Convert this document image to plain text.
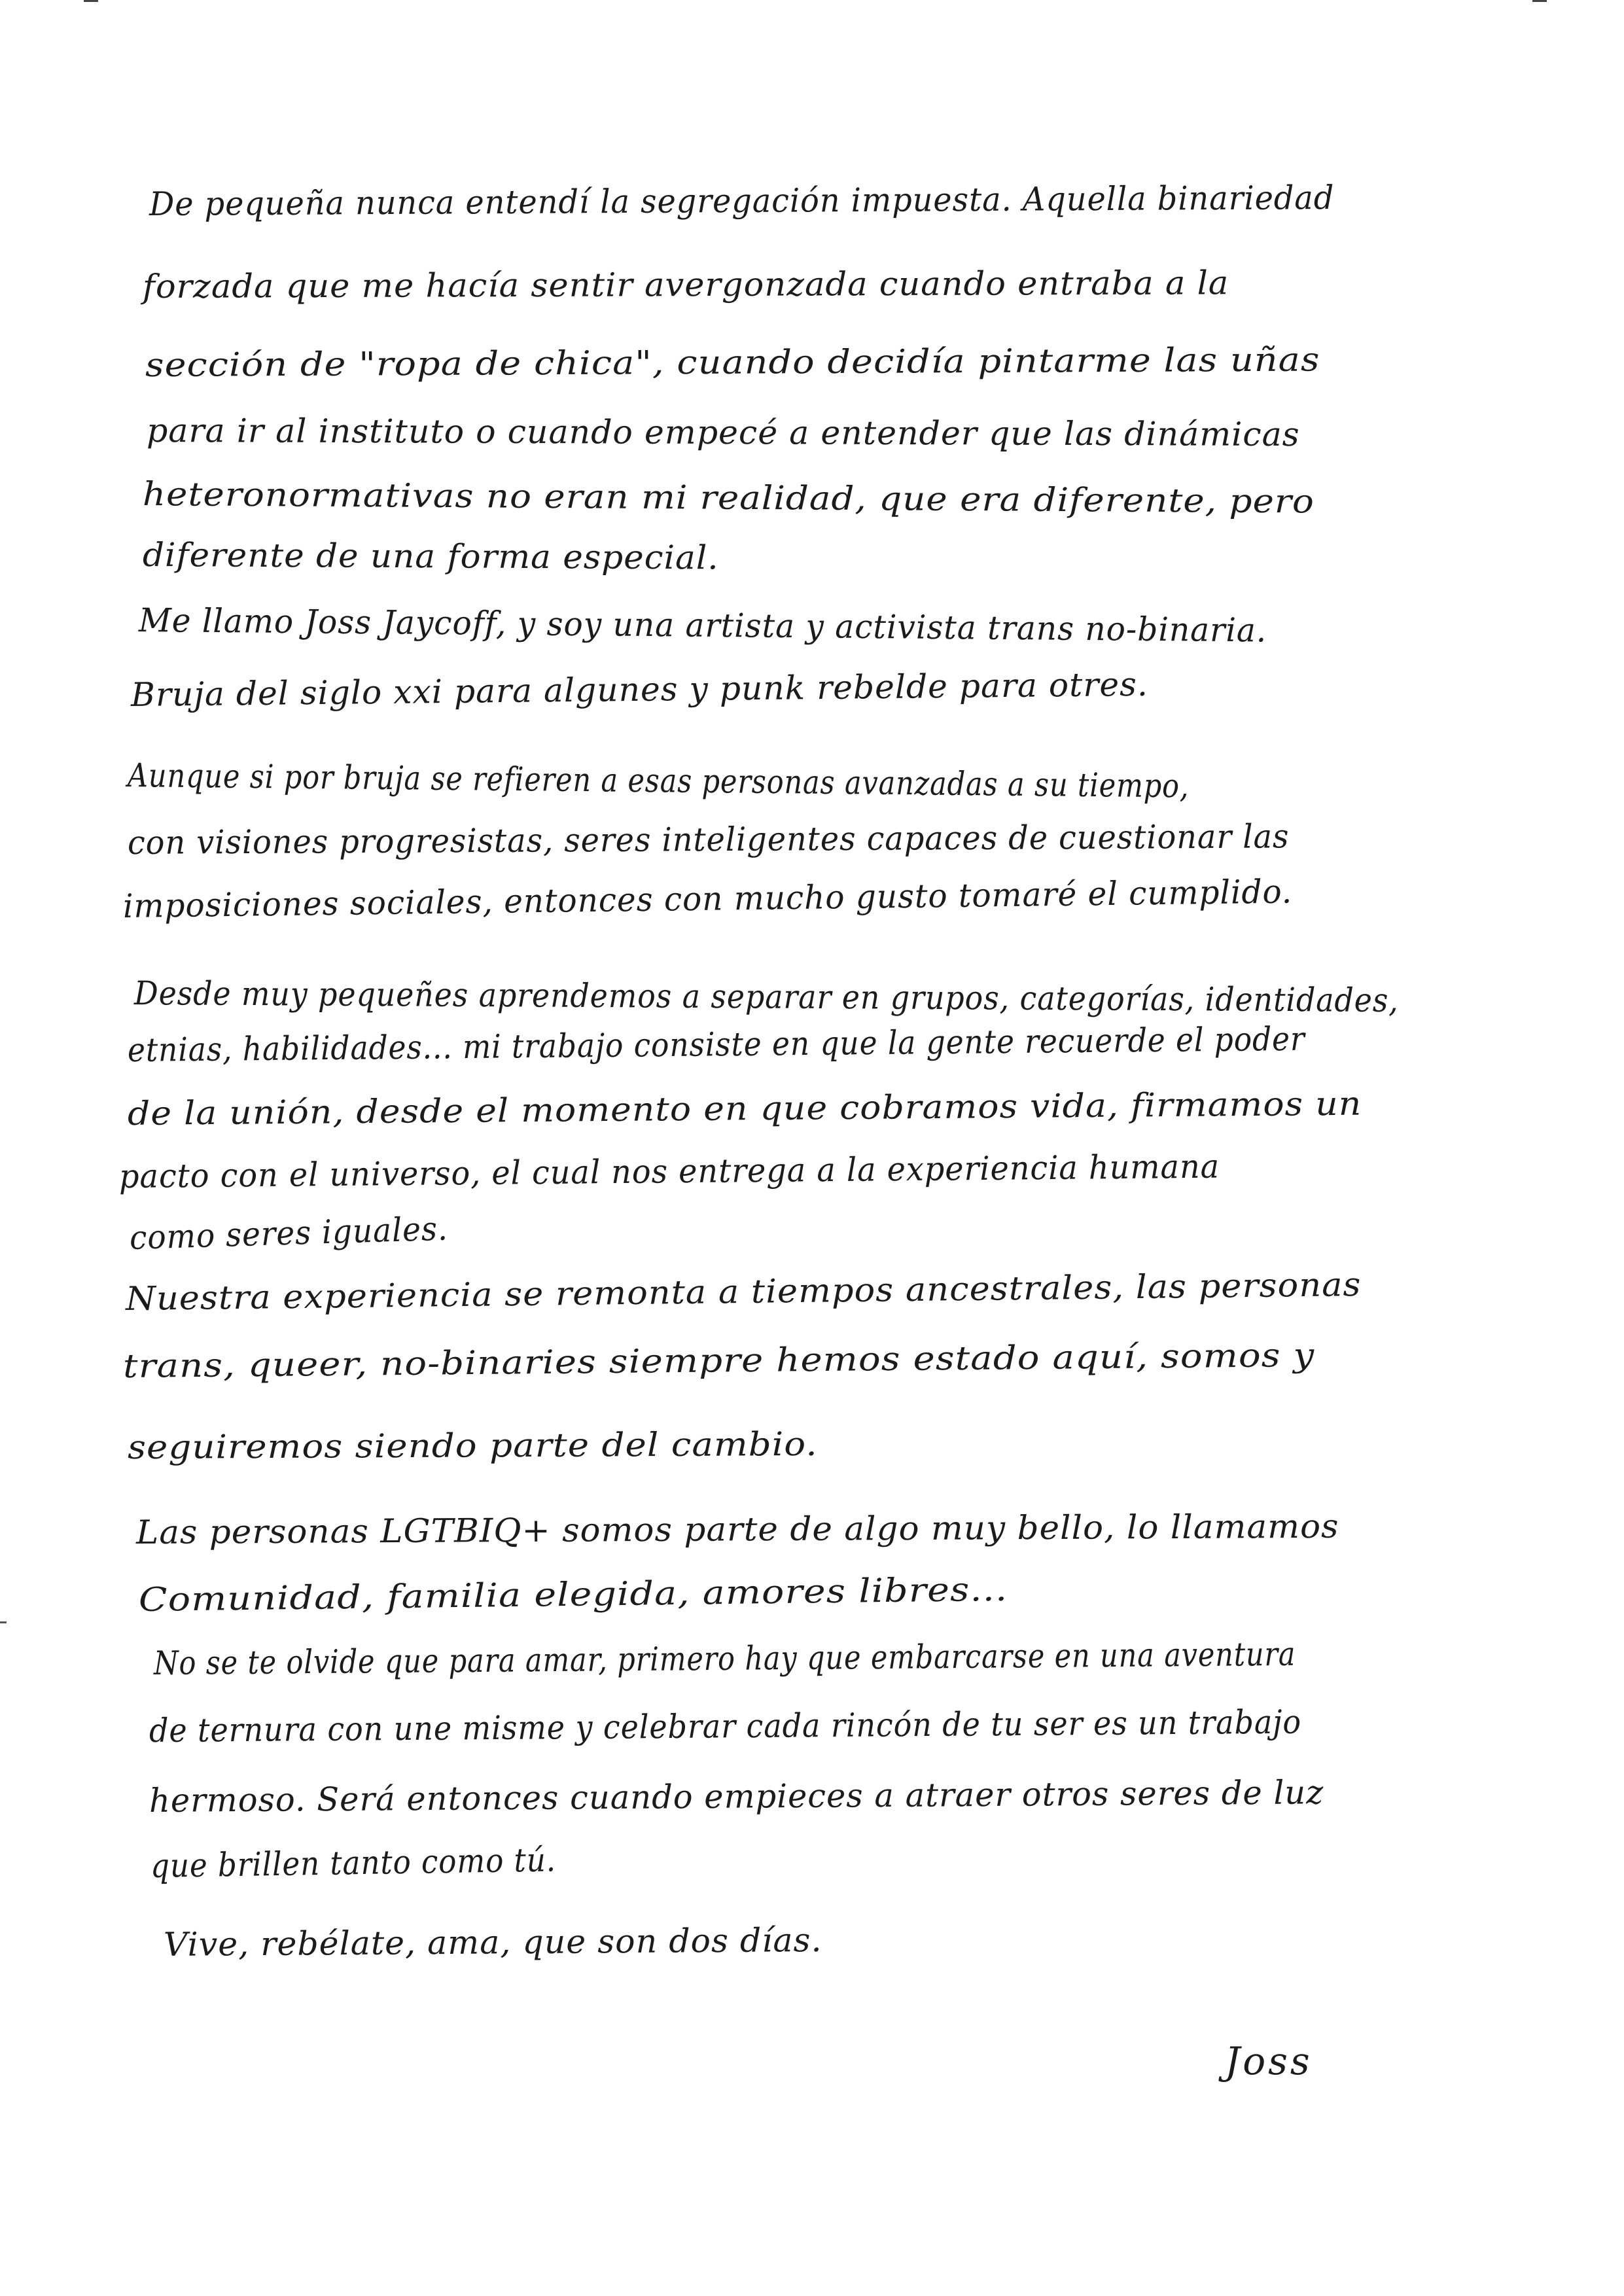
De pequeña nunca entendí la segregación impuesta. Aquella binariedad
forzada que me hacía sentir avergonzada cuando entraba a la
sección de "ropa de chica", cuando decidía pintarme las uñas
para ir al instituto o cuando empecé a entender que las dinámicas
heteronormativas no eran mi realidad, que era diferente, pero
diferente de una forma especial.
Me llamo Joss Jaycoff, y soy una artista y activista trans no-binaria.
Bruja del siglo xxi para algunes y punk rebelde para otres.
Aunque si por bruja se refieren a esas personas avanzadas a su tiempo,
con visiones progresistas, seres inteligentes capaces de cuestionar las
imposiciones sociales, entonces con mucho gusto tomaré el cumplido.
Desde muy pequeñes aprendemos a separar en grupos, categorías, identidades,
etnias, habilidades... mi trabajo consiste en que la gente recuerde el poder
de la unión, desde el momento en que cobramos vida, firmamos un
pacto con el universo, el cual nos entrega a la experiencia humana
como seres iguales.
Nuestra experiencia se remonta a tiempos ancestrales, las personas
trans, queer, no-binaries siempre hemos estado aquí, somos y
seguiremos siendo parte del cambio.
Las personas LGTBIQ+ somos parte de algo muy bello, lo llamamos
Comunidad, familia elegida, amores libres...
No se te olvide que para amar, primero hay que embarcarse en una aventura
de ternura con une misme y celebrar cada rincón de tu ser es un trabajo
hermoso. Será entonces cuando empieces a atraer otros seres de luz
que brillen tanto como tú.
Vive, rebélate, ama, que son dos días.
Joss
